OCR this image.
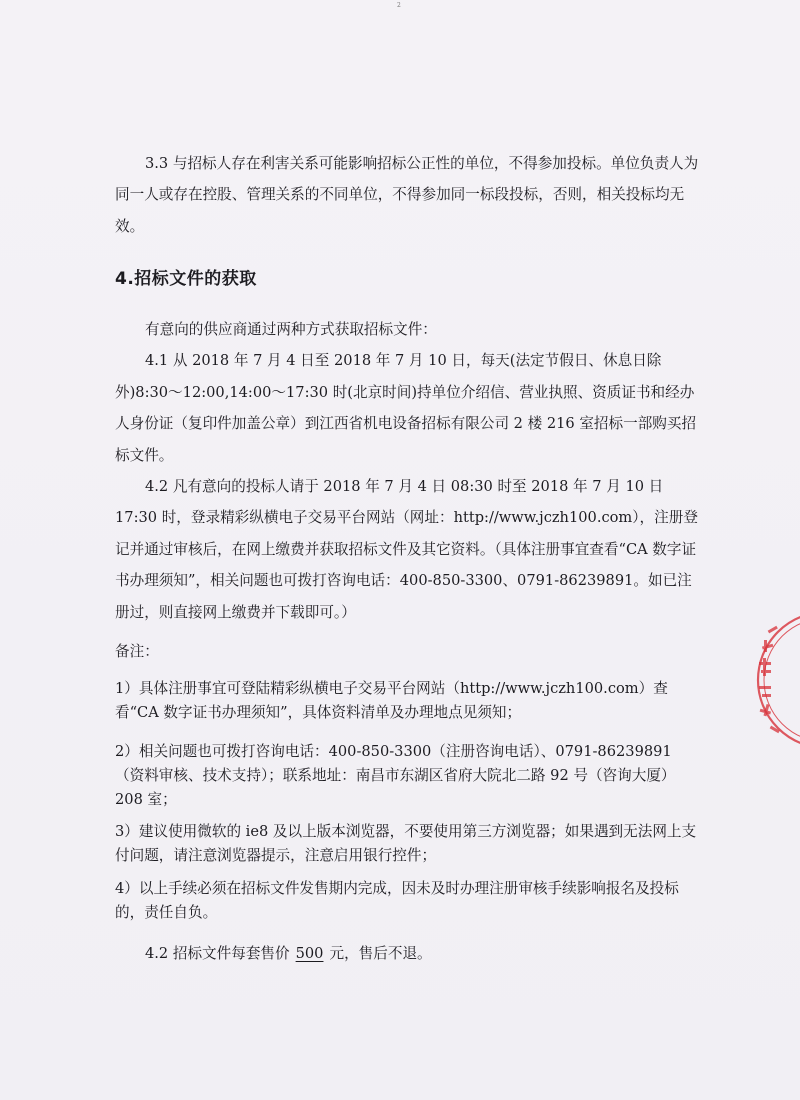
2

3.3 与招标人存在利害关系可能影响招标公正性的单位，不得参加投标。单位负责人为同一人或存在控股、管理关系的不同单位，不得参加同一标段投标，否则，相关投标均无效。

4.招标文件的获取

有意向的供应商通过两种方式获取招标文件：

4.1 从 2018 年 7 月 4 日至 2018 年 7 月 10 日，每天(法定节假日、休息日除外)8:30～12:00,14:00～17:30 时(北京时间)持单位介绍信、营业执照、资质证书和经办人身份证（复印件加盖公章）到江西省机电设备招标有限公司 2 楼 216 室招标一部购买招标文件。

4.2 凡有意向的投标人请于 2018 年 7 月 4 日 08:30 时至 2018 年 7 月 10 日 17:30 时，登录精彩纵横电子交易平台网站（网址：http://www.jczh100.com），注册登记并通过审核后，在网上缴费并获取招标文件及其它资料。（具体注册事宜查看“CA 数字证书办理须知”，相关问题也可拨打咨询电话：400-850-3300、0791-86239891。如已注册过，则直接网上缴费并下载即可。）

备注：

1）具体注册事宜可登陆精彩纵横电子交易平台网站（http://www.jczh100.com）查看“CA 数字证书办理须知”，具体资料清单及办理地点见须知；

2）相关问题也可拨打咨询电话：400-850-3300（注册咨询电话）、0791-86239891（资料审核、技术支持）；联系地址：南昌市东湖区省府大院北二路 92 号（咨询大厦）208 室；

3）建议使用微软的 ie8 及以上版本浏览器，不要使用第三方浏览器；如果遇到无法网上支付问题，请注意浏览器提示，注意启用银行控件；

4）以上手续必须在招标文件发售期内完成，因未及时办理注册审核手续影响报名及投标的，责任自负。

4.2 招标文件每套售价 500 元，售后不退。
